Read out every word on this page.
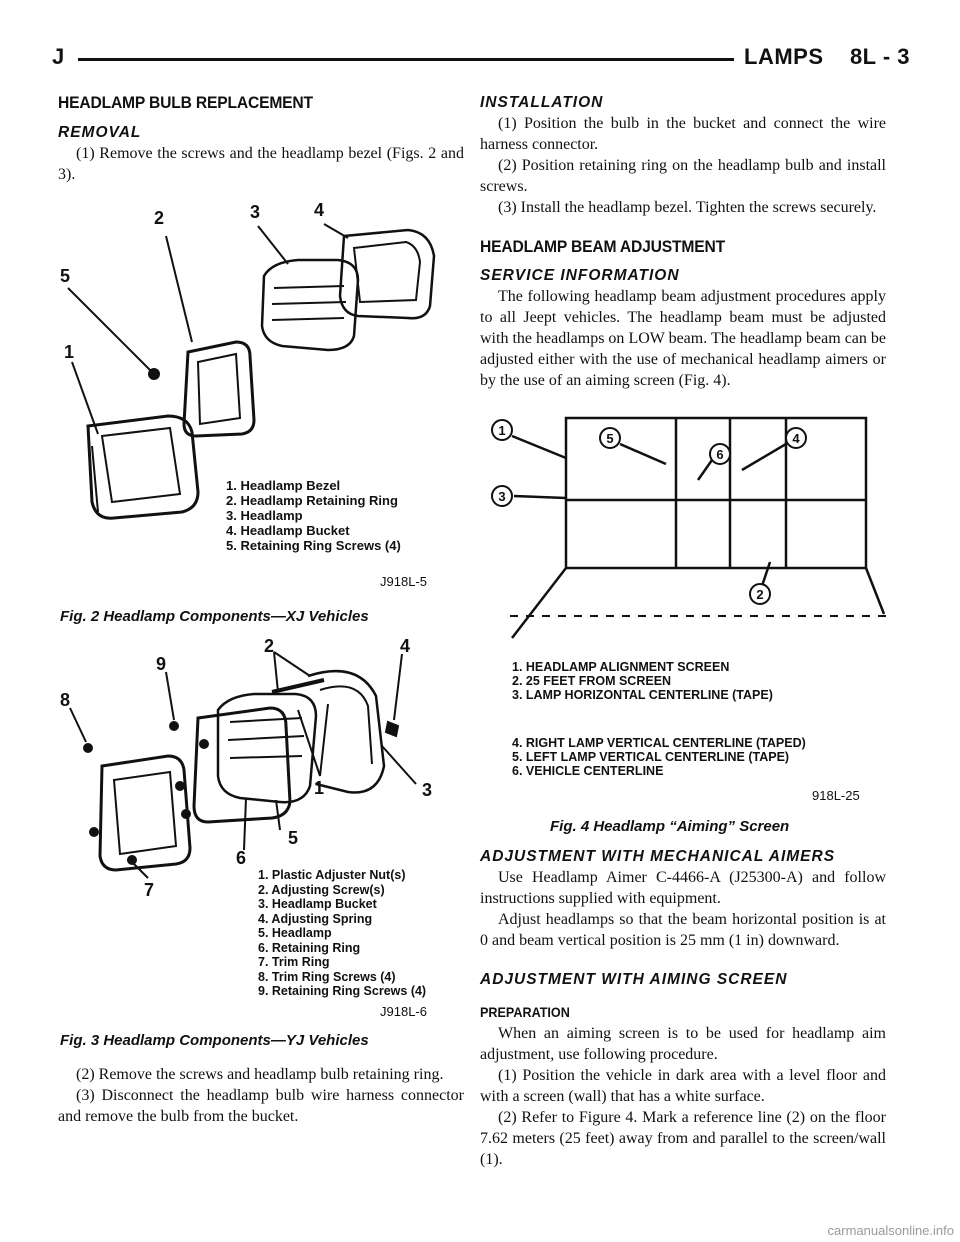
J	LAMPS    8L - 3
HEADLAMP BULB REPLACEMENT
REMOVAL

(1) Remove the screws and the headlamp bezel (Figs. 2 and 3).

2	3	4
5
1
1. Headlamp Bezel
2. Headlamp Retaining Ring
3. Headlamp
4. Headlamp Bucket
5. Retaining Ring Screws (4)
J918L-5
Fig. 2 Headlamp Components—XJ Vehicles
2	4
9
8
1	3
6
5
7
1. Plastic Adjuster Nut(s)
2. Adjusting Screw(s)
3. Headlamp Bucket
4. Adjusting Spring
5. Headlamp
6. Retaining Ring
7. Trim Ring
8. Trim Ring Screws (4)
9. Retaining Ring Screws (4)
J918L-6
Fig. 3 Headlamp Components—YJ Vehicles

(2) Remove the screws and headlamp bulb retaining ring.

(3) Disconnect the headlamp bulb wire harness connector and remove the bulb from the bucket.

INSTALLATION

(1) Position the bulb in the bucket and connect the wire harness connector.

(2) Position retaining ring on the headlamp bulb and install screws.

(3) Install the headlamp bezel. Tighten the screws securely.

HEADLAMP BEAM ADJUSTMENT
SERVICE INFORMATION

The following headlamp beam adjustment procedures apply to all Jeept vehicles. The headlamp beam must be adjusted with the headlamps on LOW beam. The headlamp beam can be adjusted either with the use of mechanical headlamp aimers or by the use of an aiming screen (Fig. 4).

1
5	4
6
3
2
1. HEADLAMP ALIGNMENT SCREEN
2. 25 FEET FROM SCREEN
3. LAMP HORIZONTAL CENTERLINE (TAPE)
4. RIGHT LAMP VERTICAL CENTERLINE (TAPED)
5. LEFT LAMP VERTICAL CENTERLINE (TAPE)
6. VEHICLE CENTERLINE
918L-25
Fig. 4 Headlamp “Aiming” Screen
ADJUSTMENT WITH MECHANICAL AIMERS

Use Headlamp Aimer C-4466-A (J25300-A) and follow instructions supplied with equipment.

Adjust headlamps so that the beam horizontal position is at 0 and beam vertical position is 25 mm (1 in) downward.

ADJUSTMENT WITH AIMING SCREEN
PREPARATION

When an aiming screen is to be used for headlamp aim adjustment, use following procedure.

(1) Position the vehicle in dark area with a level floor and with a screen (wall) that has a white surface.

(2) Refer to Figure 4. Mark a reference line (2) on the floor 7.62 meters (25 feet) away from and parallel to the screen/wall (1).

carmanualsonline.info
